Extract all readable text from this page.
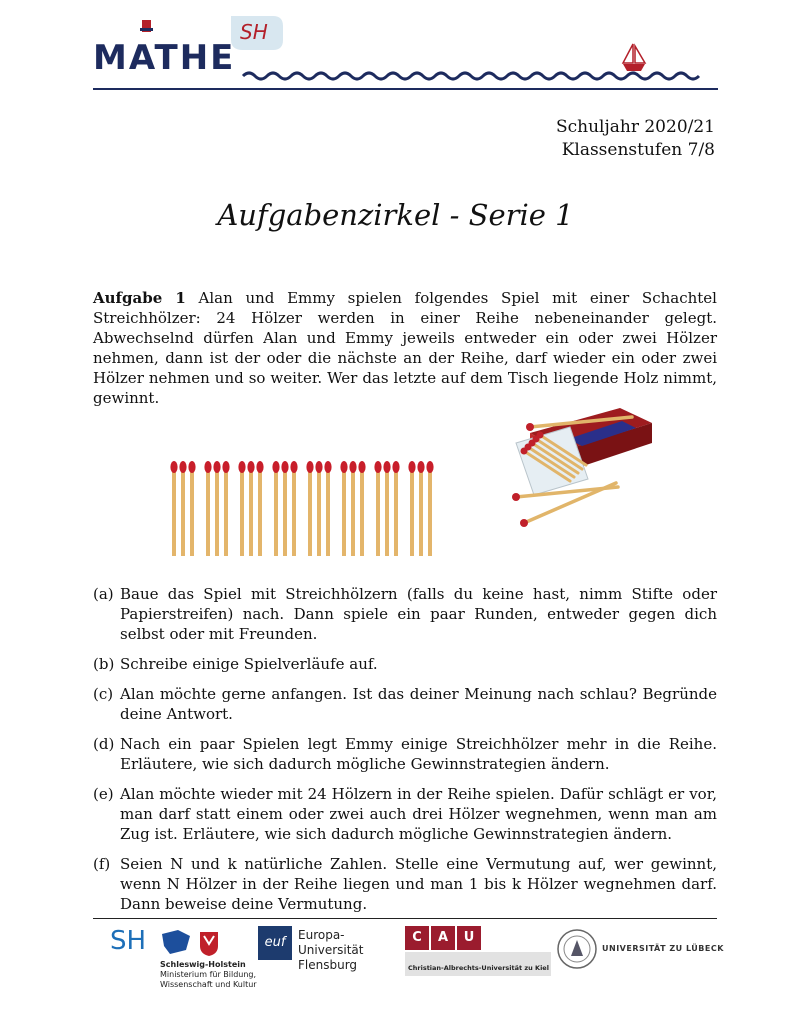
MATHE
SH
Schuljahr 2020/21
Klassenstufen 7/8
Aufgabenzirkel - Serie 1
Aufgabe 1 Alan und Emmy spielen folgendes Spiel mit einer Schachtel Streichhölzer: 24 Hölzer werden in einer Reihe nebeneinander gelegt. Abwechselnd dürfen Alan und Emmy jeweils entweder ein oder zwei Hölzer nehmen, dann ist der oder die nächste an der Reihe, darf wieder ein oder zwei Hölzer nehmen und so weiter. Wer das letzte auf dem Tisch liegende Holz nimmt, gewinnt.
(a) Baue das Spiel mit Streichhölzern (falls du keine hast, nimm Stifte oder Papierstreifen) nach. Dann spiele ein paar Runden, entweder gegen dich selbst oder mit Freunden.
(b) Schreibe einige Spielverläufe auf.
(c) Alan möchte gerne anfangen. Ist das deiner Meinung nach schlau? Begründe deine Antwort.
(d) Nach ein paar Spielen legt Emmy einige Streichhölzer mehr in die Reihe. Erläutere, wie sich dadurch mögliche Gewinnstrategien ändern.
(e) Alan möchte wieder mit 24 Hölzern in der Reihe spielen. Dafür schlägt er vor, man darf statt einem oder zwei auch drei Hölzer wegnehmen, wenn man am Zug ist. Erläutere, wie sich dadurch mögliche Gewinnstrategien ändern.
(f) Seien N und k natürliche Zahlen. Stelle eine Vermutung auf, wer gewinnt, wenn N Hölzer in der Reihe liegen und man 1 bis k Hölzer wegnehmen darf. Dann beweise deine Vermutung.
SH
Schleswig-Holstein
Ministerium für Bildung,
Wissenschaft und Kultur
euf	Europa-Universität
Flensburg
C	A	U
Christian-Albrechts-Universität zu Kiel
UNIVERSITÄT ZU LÜBECK
